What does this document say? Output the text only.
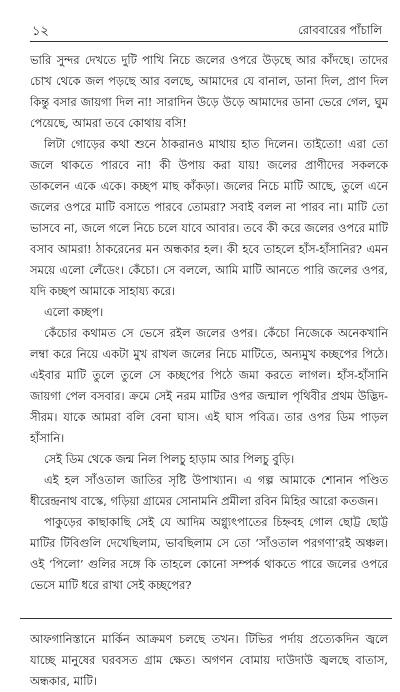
১২	রোববারের পাঁচালি

ভারি সুন্দর দেখতে দুটি পাখি নিচে জলের ওপরে উড়ছে আর কাঁদছে। তাদের চোখ থেকে জল পড়ছে আর বলছে, আমাদের যে বানাল, ডানা দিল, প্রাণ দিল কিন্তু বসার জায়গা দিল না! সারাদিন উড়ে উড়ে আমাদের ডানা ভেরে গেল, ঘুম পেয়েছে, আমরা তবে কোথায় বসি!

লিটা গোড়ের কথা শুনে ঠাকরানও মাথায় হাত দিলেন। তাইতো! এরা তো জলে থাকতে পারবে না! কী উপায় করা যায়! জলের প্রাণীদের সকলকে ডাকলেন একে একে। কচ্ছপ মাছ কাঁকড়া। জলের নিচে মাটি আছে, তুলে এনে জলের ওপরে মাটি বসাতে পারবে তোমরা? সবাই বলল না পারব না। মাটি তো ভাসবে না, জলে গলে নিচে চলে যাবে আবার। তবে কী করে জলের ওপরে মাটি বসাব আমরা! ঠাকরেনের মন অন্ধকার হল। কী হবে তাহলে হাঁস-হাঁসানির? এমন সময়ে এলো লেঁডেং। কেঁচো। সে বললে, আমি মাটি আনতে পারি জলের ওপর, যদি কচ্ছপ আমাকে সাহায্য করে।

এলো কচ্ছপ।

কেঁচোর কথামত সে ভেসে রইল জলের ওপর। কেঁচো নিজেকে অনেকখানি লম্বা করে নিয়ে একটা মুখ রাখল জলের নিচে মাটিতে, অন্যমুখ কচ্ছপের পিঠে। এইবার মাটি তুলে তুলে সে কচ্ছপের পিঠে জমা করতে লাগল। হাঁস-হাঁসানি জায়গা পেল বসবার। ক্রমে সেই নরম মাটির ওপর জন্মাল পৃথিবীর প্রথম উদ্ভিদ-সীরম। যাকে আমরা বলি বেনা ঘাস। এই ঘাস পবিত্র। তার ওপর ডিম পাড়ল হাঁসানি।

সেই ডিম থেকে জন্ম নিল পিলচু হাড়াম আর পিলচু বুড়ি।

এই হল সাঁওতাল জাতির সৃষ্টি উপাখ্যান। এ গল্প আমাকে শোনান পণ্ডিত ধীরেন্দ্রনাথ বাস্কে, গড়িয়া গ্রামের সোনামনি প্রমীলা রবিন মিহির আরো কতজন।

পাকুড়ের কাছাকাছি সেই যে আদিম অগ্ন্যুৎপাতের চিহ্নবহ গোল ছোট্ট ছোট্ট মাটির টিবিগুলি দেখেছিলাম, ভাবছিলাম সে তো ‘সাঁওতাল পরগণা’রই অঞ্চল। ওই ‘পিলো’ গুলির সঙ্গে কি তাহলে কোনো সম্পর্ক থাকতে পারে জলের ওপরে ভেসে মাটি ধরে রাখা সেই কচ্ছপের?

আফগানিস্তানে মার্কিন আক্রমণ চলছে তখন। টিভির পর্দায় প্রত্যেকদিন জ্বলে যাচ্ছে মানুষের ঘরবসত গ্রাম ক্ষেত। অগণন বোমায় দাউদাউ জ্বলছে বাতাস, অন্ধকার, মাটি।
